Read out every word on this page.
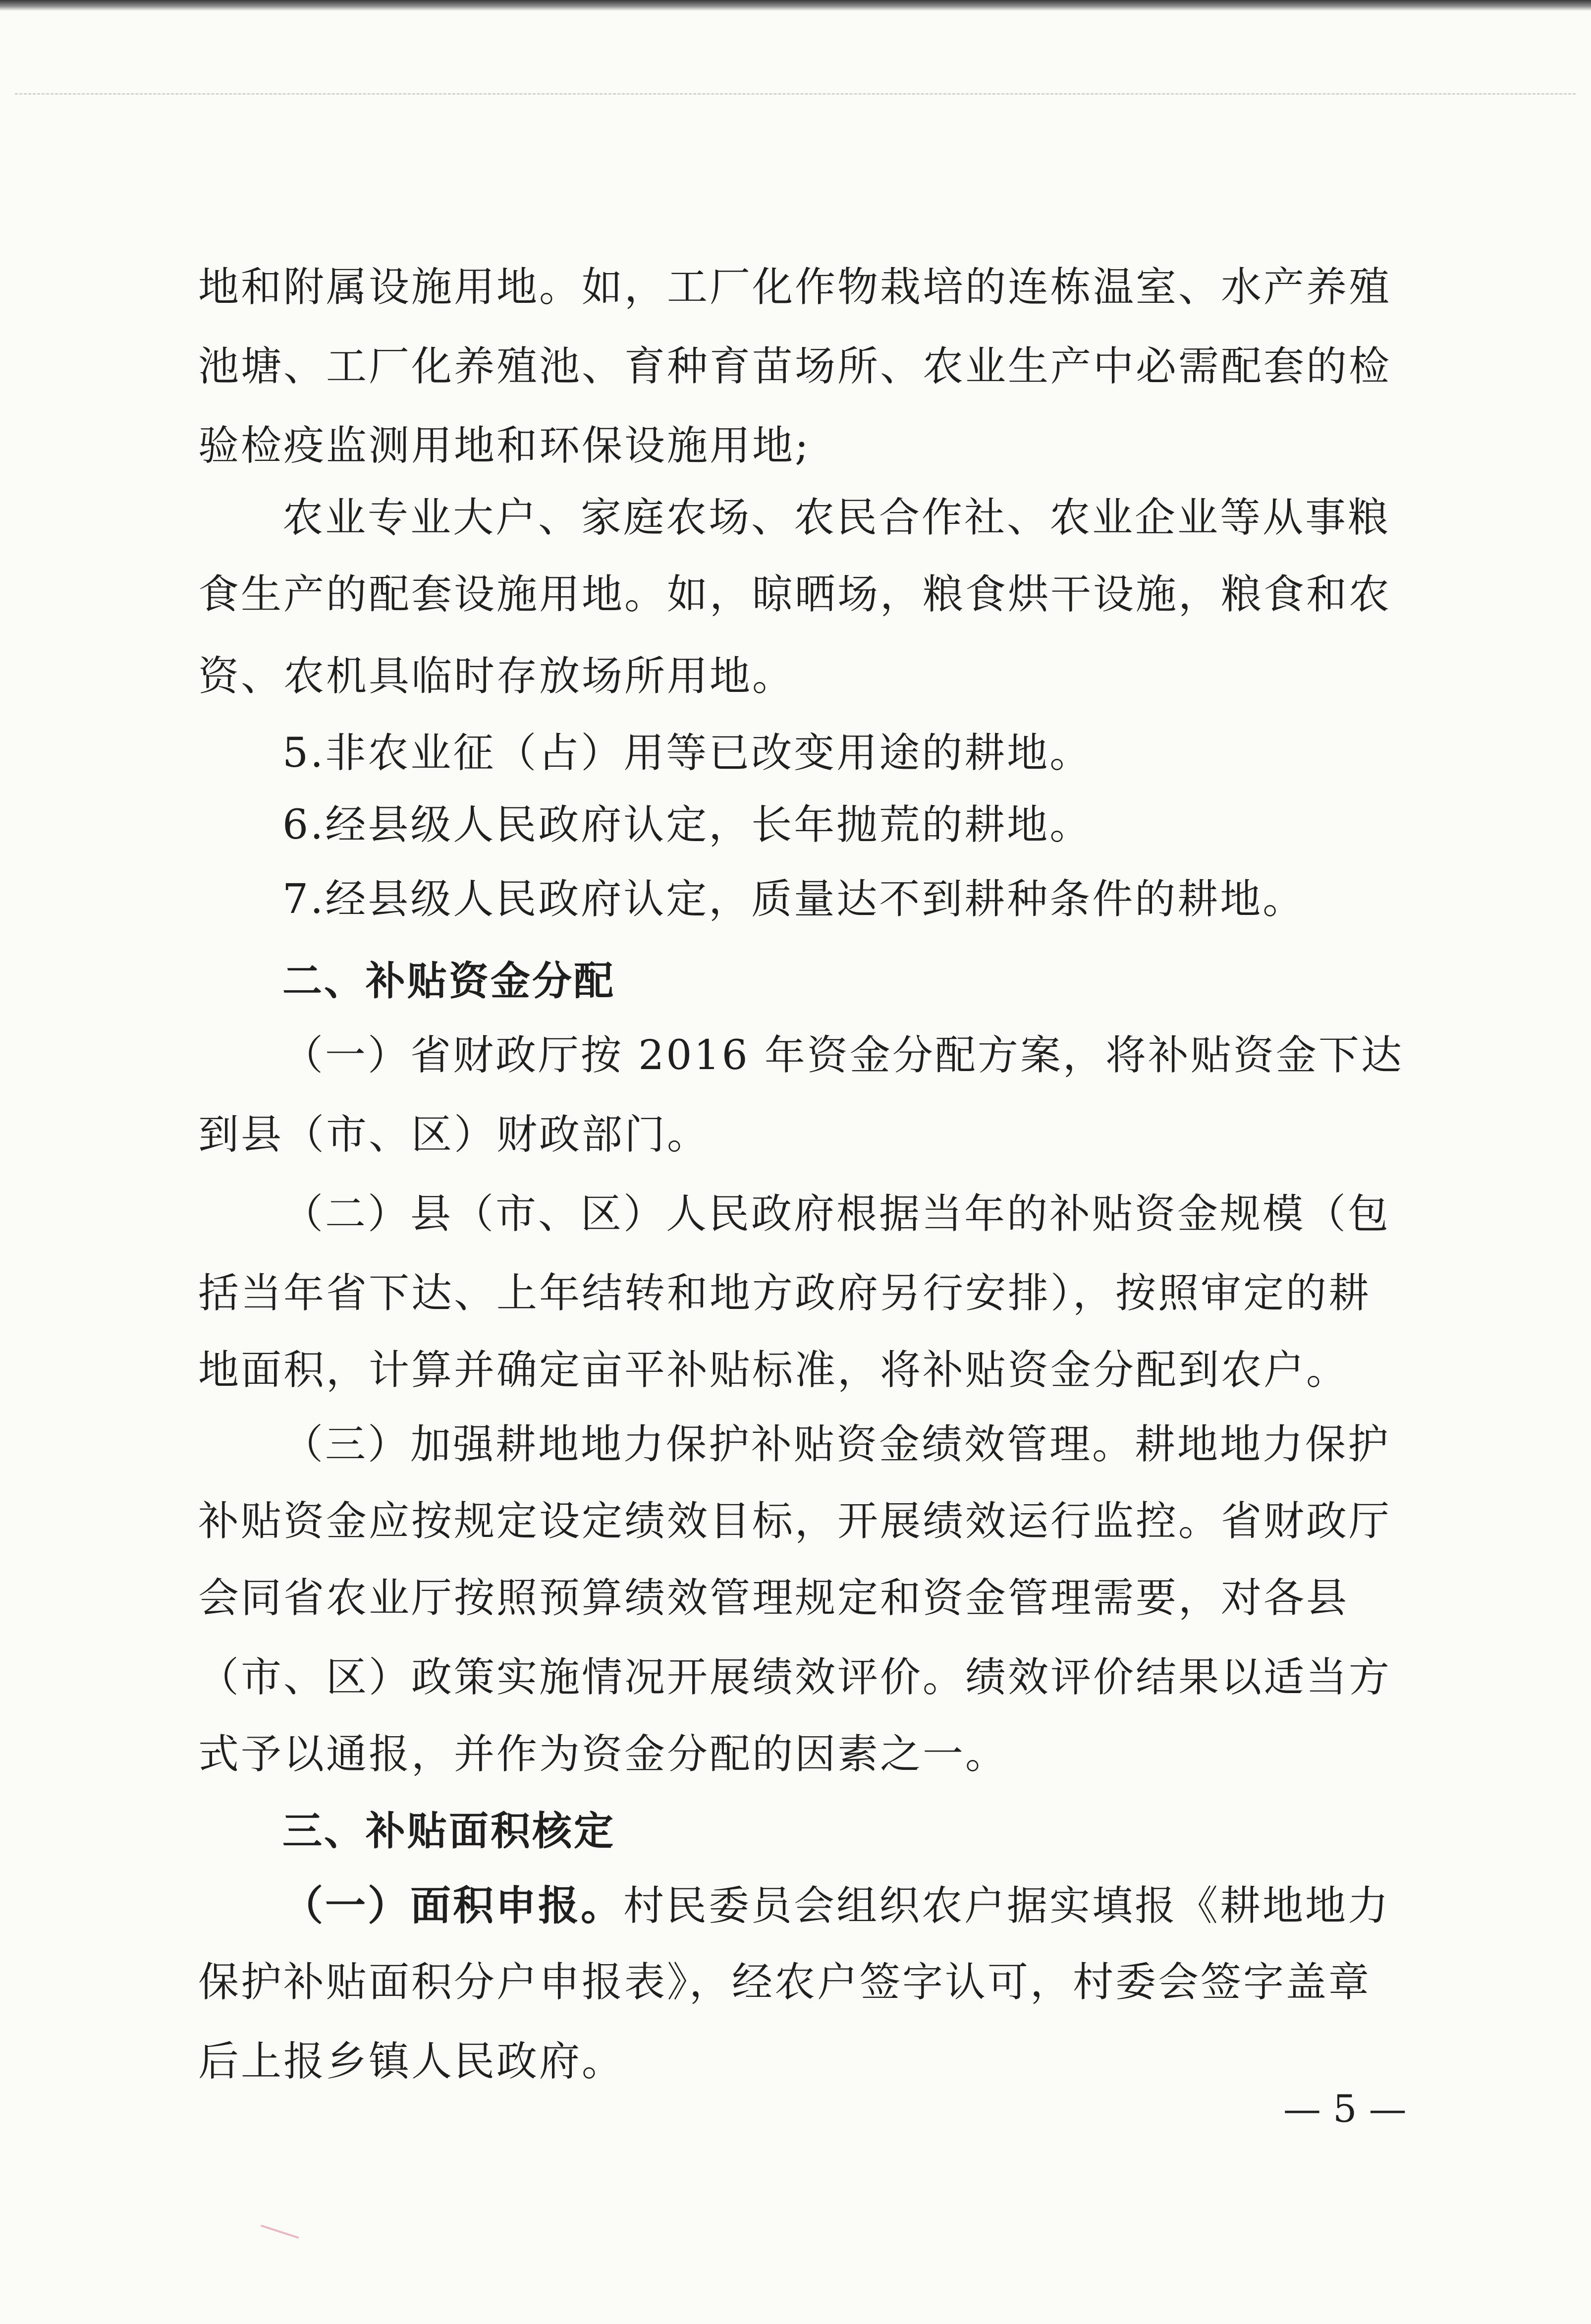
地和附属设施用地。如，工厂化作物栽培的连栋温室、水产养殖
池塘、工厂化养殖池、育种育苗场所、农业生产中必需配套的检
验检疫监测用地和环保设施用地;
农业专业大户、家庭农场、农民合作社、农业企业等从事粮
食生产的配套设施用地。如，晾晒场，粮食烘干设施，粮食和农
资、农机具临时存放场所用地。
5.非农业征（占）用等已改变用途的耕地。
6.经县级人民政府认定，长年抛荒的耕地。
7.经县级人民政府认定，质量达不到耕种条件的耕地。
二、补贴资金分配
（一）省财政厅按 2016 年资金分配方案，将补贴资金下达
到县（市、区）财政部门。
（二）县（市、区）人民政府根据当年的补贴资金规模（包
括当年省下达、上年结转和地方政府另行安排），按照审定的耕
地面积，计算并确定亩平补贴标准，将补贴资金分配到农户。
（三）加强耕地地力保护补贴资金绩效管理。耕地地力保护
补贴资金应按规定设定绩效目标，开展绩效运行监控。省财政厅
会同省农业厅按照预算绩效管理规定和资金管理需要，对各县
（市、区）政策实施情况开展绩效评价。绩效评价结果以适当方
式予以通报，并作为资金分配的因素之一。
三、补贴面积核定
（一）面积申报。村民委员会组织农户据实填报《耕地地力
保护补贴面积分户申报表》，经农户签字认可，村委会签字盖章
后上报乡镇人民政府。
— 5 —
